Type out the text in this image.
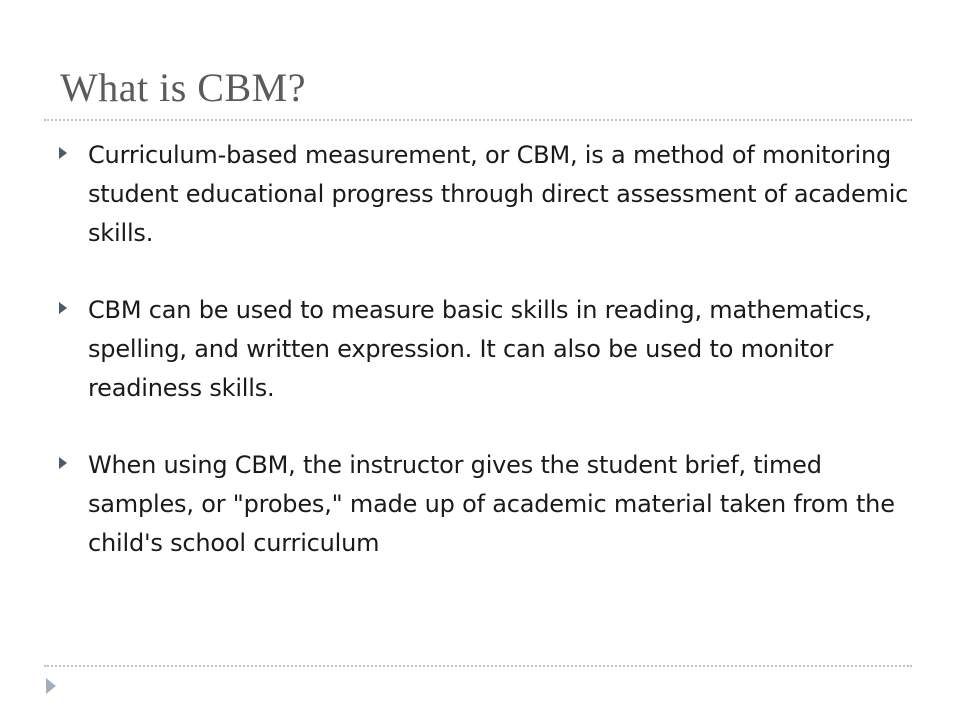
What is CBM?
Curriculum-based measurement, or CBM, is a method of monitoring student educational progress through direct assessment of academic skills.
CBM can be used to measure basic skills in reading, mathematics, spelling, and written expression. It can also be used to monitor readiness skills.
When using CBM, the instructor gives the student brief, timed samples, or "probes," made up of academic material taken from the child's school curriculum
